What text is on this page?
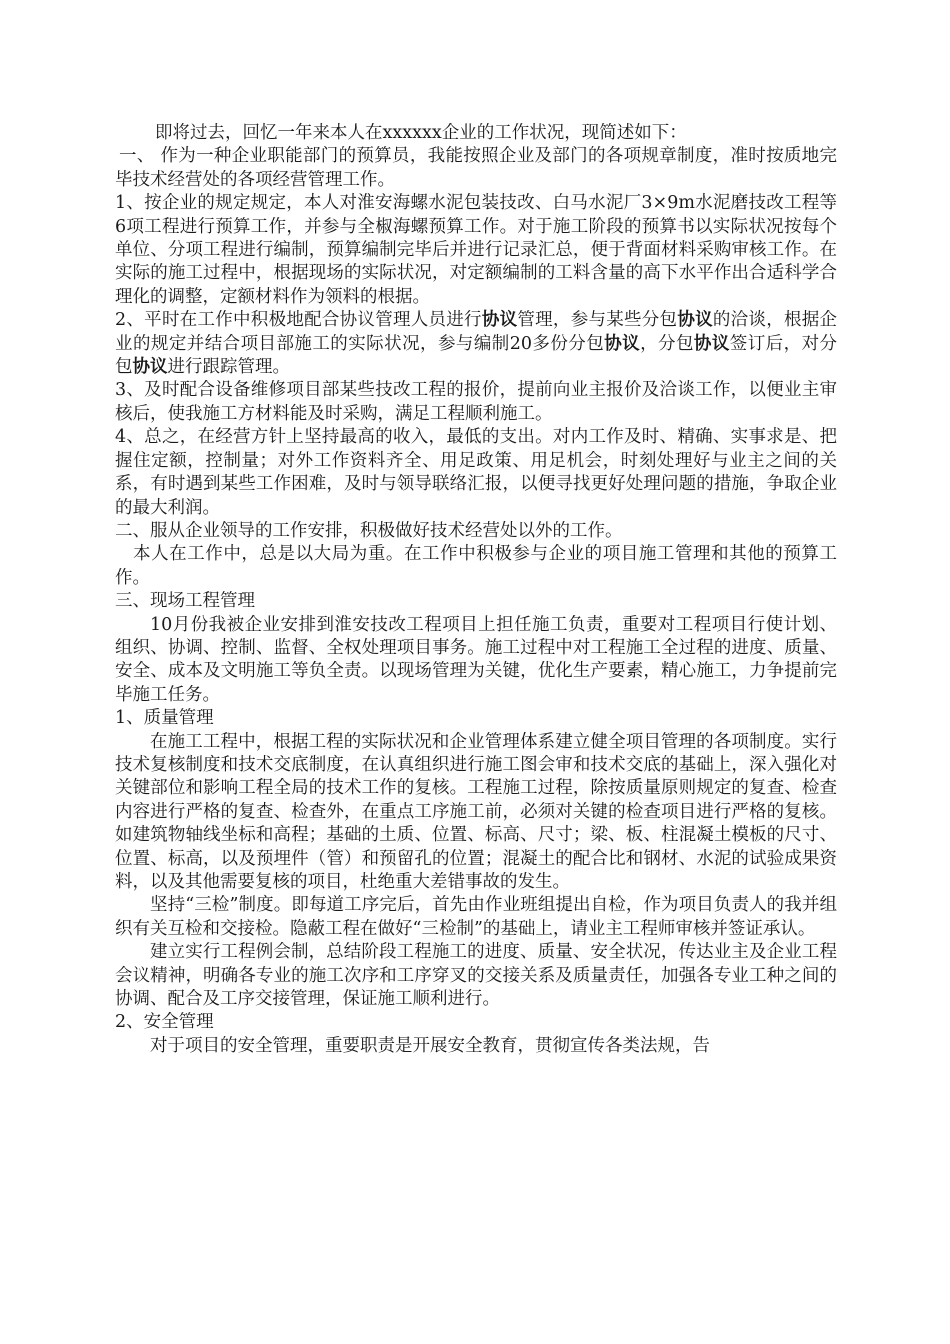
即将过去，回忆一年来本人在xxxxxx企业的工作状况，现简述如下：

一、 作为一种企业职能部门的预算员，我能按照企业及部门的各项规章制度，准时按质地完毕技术经营处的各项经营管理工作。

1、按企业的规定规定，本人对淮安海螺水泥包装技改、白马水泥厂3×9m水泥磨技改工程等6项工程进行预算工作，并参与全椒海螺预算工作。对于施工阶段的预算书以实际状况按每个单位、分项工程进行编制，预算编制完毕后并进行记录汇总，便于背面材料采购审核工作。在实际的施工过程中，根据现场的实际状况，对定额编制的工料含量的高下水平作出合适科学合理化的调整，定额材料作为领料的根据。

2、平时在工作中积极地配合协议管理人员进行协议管理，参与某些分包协议的洽谈，根据企业的规定并结合项目部施工的实际状况，参与编制20多份分包协议，分包协议签订后，对分包协议进行跟踪管理。

3、及时配合设备维修项目部某些技改工程的报价，提前向业主报价及洽谈工作，以便业主审核后，使我施工方材料能及时采购，满足工程顺利施工。

4、总之，在经营方针上坚持最高的收入，最低的支出。对内工作及时、精确、实事求是、把握住定额，控制量；对外工作资料齐全、用足政策、用足机会，时刻处理好与业主之间的关系，有时遇到某些工作困难，及时与领导联络汇报，以便寻找更好处理问题的措施，争取企业的最大利润。

二、服从企业领导的工作安排，积极做好技术经营处以外的工作。

本人在工作中，总是以大局为重。在工作中积极参与企业的项目施工管理和其他的预算工作。

三、现场工程管理

10月份我被企业安排到淮安技改工程项目上担任施工负责，重要对工程项目行使计划、组织、协调、控制、监督、全权处理项目事务。施工过程中对工程施工全过程的进度、质量、安全、成本及文明施工等负全责。以现场管理为关键，优化生产要素，精心施工，力争提前完毕施工任务。

1、质量管理

在施工工程中，根据工程的实际状况和企业管理体系建立健全项目管理的各项制度。实行技术复核制度和技术交底制度，在认真组织进行施工图会审和技术交底的基础上，深入强化对关键部位和影响工程全局的技术工作的复核。工程施工过程，除按质量原则规定的复查、检查内容进行严格的复查、检查外，在重点工序施工前，必须对关键的检查项目进行严格的复核。如建筑物轴线坐标和高程；基础的土质、位置、标高、尺寸；梁、板、柱混凝土模板的尺寸、位置、标高，以及预埋件（管）和预留孔的位置；混凝土的配合比和钢材、水泥的试验成果资料，以及其他需要复核的项目，杜绝重大差错事故的发生。

坚持“三检”制度。即每道工序完后，首先由作业班组提出自检，作为项目负责人的我并组织有关互检和交接检。隐蔽工程在做好“三检制”的基础上，请业主工程师审核并签证承认。

建立实行工程例会制，总结阶段工程施工的进度、质量、安全状况，传达业主及企业工程会议精神，明确各专业的施工次序和工序穿叉的交接关系及质量责任，加强各专业工种之间的协调、配合及工序交接管理，保证施工顺利进行。

2、安全管理

对于项目的安全管理，重要职责是开展安全教育，贯彻宣传各类法规，告
